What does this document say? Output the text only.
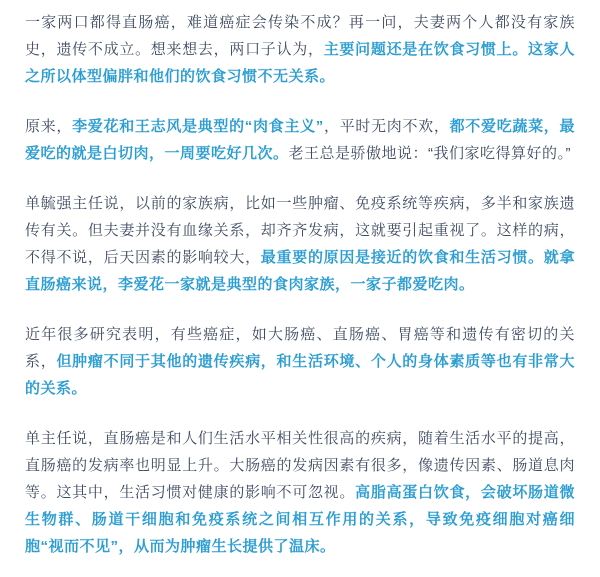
一家两口都得直肠癌，难道癌症会传染不成？再一问，夫妻两个人都没有家族史，遗传不成立。想来想去，两口子认为，主要问题还是在饮食习惯上。这家人之所以体型偏胖和他们的饮食习惯不无关系。

原来，李爱花和王志风是典型的“肉食主义”，平时无肉不欢，都不爱吃蔬菜，最爱吃的就是白切肉，一周要吃好几次。老王总是骄傲地说：“我们家吃得算好的。”

单毓强主任说，以前的家族病，比如一些肿瘤、免疫系统等疾病，多半和家族遗传有关。但夫妻并没有血缘关系，却齐齐发病，这就要引起重视了。这样的病，不得不说，后天因素的影响较大，最重要的原因是接近的饮食和生活习惯。就拿直肠癌来说，李爱花一家就是典型的食肉家族，一家子都爱吃肉。

近年很多研究表明，有些癌症，如大肠癌、直肠癌、胃癌等和遗传有密切的关系，但肿瘤不同于其他的遗传疾病，和生活环境、个人的身体素质等也有非常大的关系。

单主任说，直肠癌是和人们生活水平相关性很高的疾病，随着生活水平的提高，直肠癌的发病率也明显上升。大肠癌的发病因素有很多，像遗传因素、肠道息肉等。这其中，生活习惯对健康的影响不可忽视。高脂高蛋白饮食，会破坏肠道微生物群、肠道干细胞和免疫系统之间相互作用的关系，导致免疫细胞对癌细胞“视而不见”，从而为肿瘤生长提供了温床。
